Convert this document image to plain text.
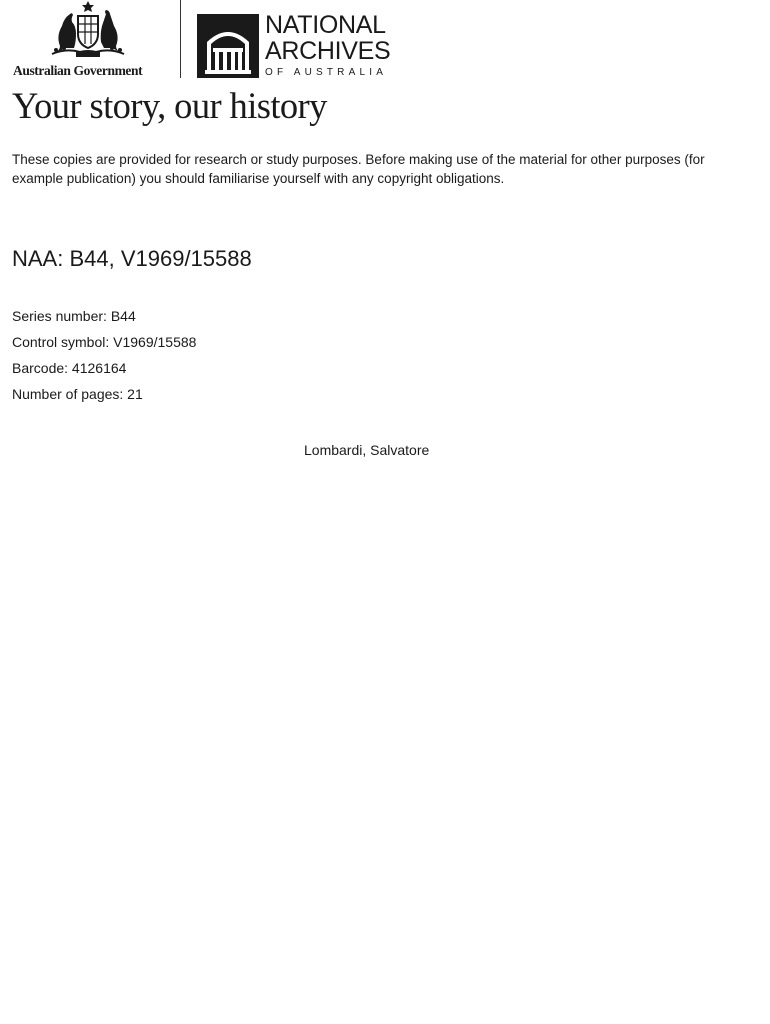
Australian Government
NATIONAL
ARCHIVES
OF AUSTRALIA
Your story, our history
These copies are provided for research or study purposes. Before making use of the material for other purposes (for example publication) you should familiarise yourself with any copyright obligations.
NAA: B44, V1969/15588
Series number: B44
Control symbol: V1969/15588
Barcode: 4126164
Number of pages: 21
Lombardi, Salvatore
